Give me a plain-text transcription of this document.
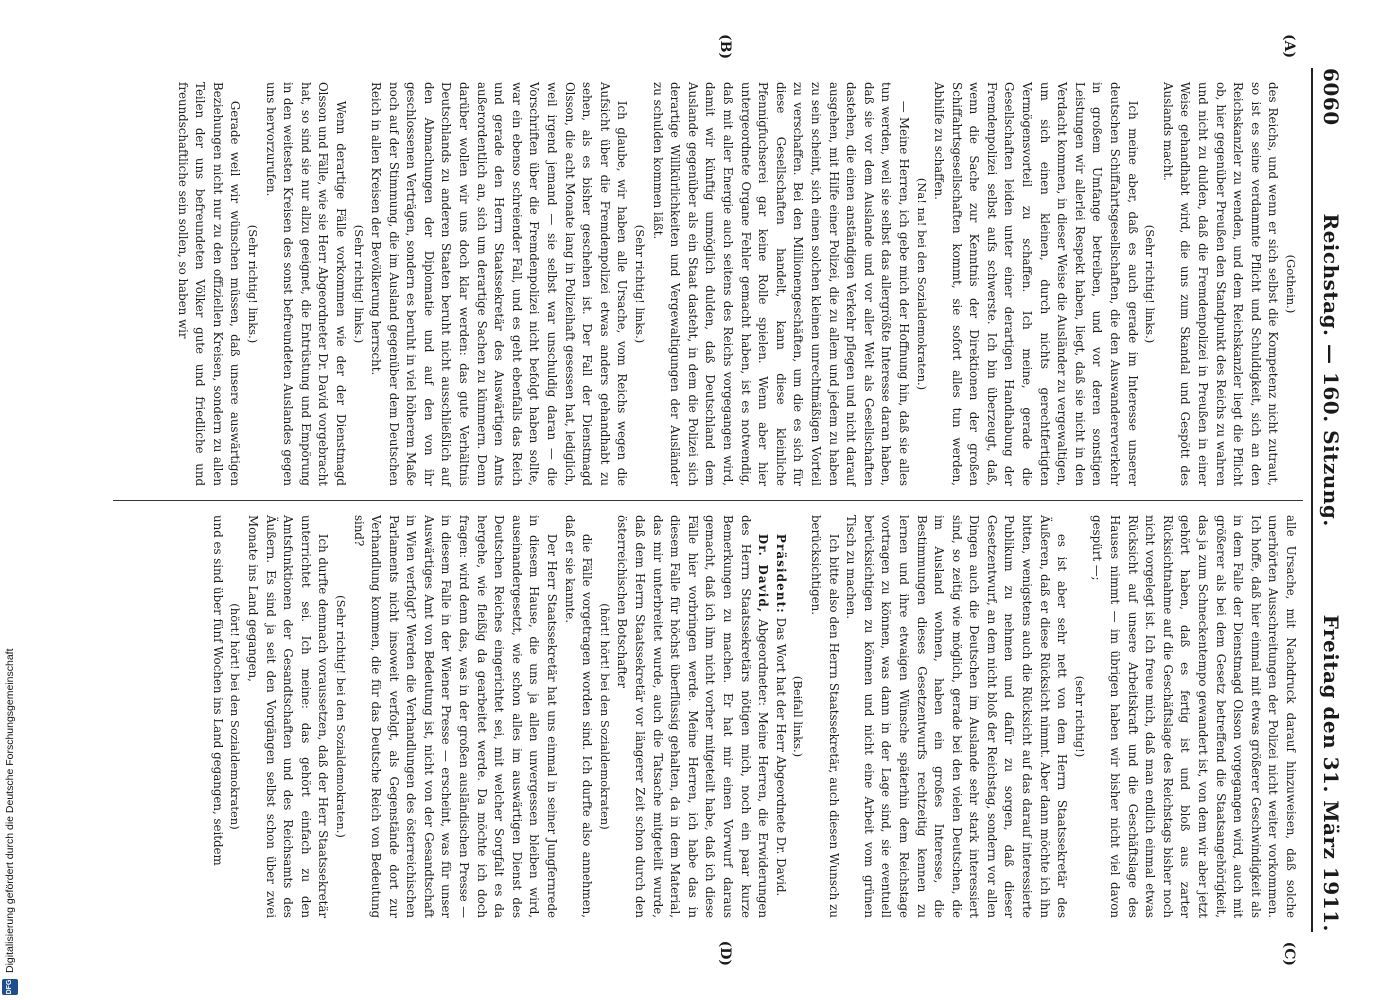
6060
Reichstag. — 160. Sitzung.
Freitag den 31. März 1911.
(A)
(B)
(C)
(D)

(Gothein.)

des Reichs, und wenn er sich selbst die Kompetenz nicht zutraut, so ist es seine verdammte Pflicht und Schuldigkeit, sich an den Reichskanzler zu wenden, und dem Reichskanzler liegt die Pflicht ob, hier gegenüber Preußen den Standpunkt des Reichs zu wahren und nicht zu dulden, daß die Fremdenpolizei in Preußen in einer Weise gehandhabt wird, die uns zum Skandal und Gespött des Auslands macht.

(Sehr richtig! links.)

Ich meine aber, daß es auch gerade im Interesse unserer deutschen Schiffahrtsgesellschaften, die den Auswandererverkehr in großem Umfange betreiben, und vor deren sonstigen Leistungen wir allerlei Respekt haben, liegt, daß sie nicht in den Verdacht kommen, in dieser Weise die Ausländer zu vergewaltigen, um sich einen kleinen, durch nichts gerechtfertigten Vermögensvorteil zu schaffen. Ich meine, gerade die Gesellschaften leiden unter einer derartigen Handhabung der Fremdenpolizei selbst aufs schwerste. Ich bin überzeugt, daß, wenn die Sache zur Kenntnis der Direktionen der großen Schiffahrtsgesellschaften kommt, sie sofort alles tun werden, Abhilfe zu schaffen.

(Na! na! bei den Sozialdemokraten.)

— Meine Herren, ich gebe mich der Hoffnung hin, daß sie alles tun werden, weil sie selbst das allergrößte Interesse daran haben, daß sie vor dem Auslande und vor aller Welt als Gesellschaften dastehen, die einen anständigen Verkehr pflegen und nicht darauf ausgehen, mit Hilfe einer Polizei, die zu allem und jedem zu haben zu sein scheint, sich einen solchen kleinen unrechtmäßigen Vorteil zu verschaffen. Bei den Millionengeschäften, um die es sich für diese Gesellschaften handelt, kann diese kleinliche Pfennigfuchserei gar keine Rolle spielen. Wenn aber hier untergeordnete Organe Fehler gemacht haben, ist es notwendig, daß mit aller Energie auch seitens des Reichs vorgegangen wird, damit wir künftig unmöglich dulden, daß Deutschland dem Auslande gegenüber als ein Staat dasteht, in dem die Polizei sich derartige Willkürlichkeiten und Vergewaltigungen der Ausländer zu schulden kommen läßt.

(Sehr richtig! links.)

Ich glaube, wir haben alle Ursache, vom Reichs wegen die Aufsicht über die Fremdenpolizei etwas anders gehandhabt zu sehen, als es bisher geschehen ist. Der Fall der Dienstmagd Olsson, die acht Monate lang in Polizeihaft gesessen hat, lediglich, weil irgend jemand — sie selbst war unschuldig daran — die Vorschriften über die Fremdenpolizei nicht befolgt haben sollte, war ein ebenso schreiender Fall, und es geht ebenfalls das Reich und gerade den Herrn Staatssekretär des Auswärtigen Amts außerordentlich an, sich um derartige Sachen zu kümmern. Denn darüber wollen wir uns doch klar werden: das gute Verhältnis Deutschlands zu anderen Staaten beruht nicht ausschließlich auf den Abmachungen der Diplomatie und auf den von ihr geschlossenen Verträgen, sondern es beruht in viel höherem Maße noch auf der Stimmung, die im Ausland gegenüber dem Deutschen Reich in allen Kreisen der Bevölkerung herrscht.

(Sehr richtig! links.)

Wenn derartige Fälle vorkommen wie der der Dienstmagd Olsson und Fälle, wie sie Herr Abgeordneter Dr. David vorgebracht hat, so sind sie nur allzu geeignet, die Entrüstung und Empörung in den weitesten Kreisen des sonst befreundeten Auslandes gegen uns hervorzurufen.

(Sehr richtig! links.)

Gerade weil wir wünschen müssen, daß unsere auswärtigen Beziehungen nicht nur zu den offiziellen Kreisen, sondern zu allen Teilen der uns befreundeten Völker gute und friedliche und freundschaftliche sein sollen, so haben wir

alle Ursache, mit Nachdruck darauf hinzuweisen, daß solche unerhörten Ausschreitungen der Polizei nicht weiter vorkommen. Ich hoffe, daß hier einmal mit etwas größerer Geschwindigkeit als in dem Falle der Dienstmagd Olsson vorgegangen wird, auch mit größerer als bei dem Gesetz betreffend die Staatsangehörigkeit, das ja zum Schneckentempo gewandert ist, von dem wir aber jetzt gehört haben, daß es fertig ist und bloß aus zarter Rücksichtnahme auf die Geschäftslage des Reichstags bisher noch nicht vorgelegt ist. Ich freue mich, daß man endlich einmal etwas Rücksicht auf unsere Arbeitskraft und die Geschäftslage des Hauses nimmt — im übrigen haben wir bisher nicht viel davon gespürt —;

(sehr richtig!)

es ist aber sehr nett von dem Herrn Staatssekretär des Äußeren, daß er diese Rücksicht nimmt. Aber dann möchte ich ihn bitten, wenigstens auch die Rücksicht auf das darauf interessierte Publikum zu nehmen und dafür zu sorgen, daß dieser Gesetzentwurf, an dem nicht bloß der Reichstag, sondern vor allen Dingen auch die Deutschen im Auslande sehr stark interessiert sind, so zeitig wie möglich, gerade bei den vielen Deutschen, die im Ausland wohnen, haben ein großes Interesse, die Bestimmungen dieses Gesetzentwurfs rechtzeitig kennen zu lernen und ihre etwaigen Wünsche späterhin dem Reichstage vortragen zu können, was dann in der Lage sind, sie eventuell berücksichtigen zu können und nicht eine Arbeit vom grünen Tisch zu machen.

Ich bitte also den Herrn Staatssekretär, auch diesen Wunsch zu berücksichtigen.

(Beifall links.)

Präsident: Das Wort hat der Herr Abgeordnete Dr. David.

Dr. David, Abgeordneter: Meine Herren, die Erwiderungen des Herrn Staatssekretärs nötigen mich, noch ein paar kurze Bemerkungen zu machen. Er hat mir einen Vorwurf daraus gemacht, daß ich ihm nicht vorher mitgeteilt habe, daß ich diese Fälle hier vorbringen werde. Meine Herren, ich habe das in diesem Falle für höchst überflüssig gehalten, da in dem Material, das mir unterbreitet wurde, auch die Tatsache mitgeteilt wurde, daß dem Herrn Staatssekretär vor längerer Zeit schon durch den österreichischen Botschafter

(hört! hört! bei den Sozialdemokraten)

die Fälle vorgetragen worden sind. Ich durfte also annehmen, daß er sie kannte.

Der Herr Staatssekretär hat uns einmal in seiner Jungfernrede in diesem Hause, die uns ja allen unvergessen bleiben wird, auseinandergesetzt, wie schon alles im auswärtigen Dienst des Deutschen Reiches eingerichtet sei, mit welcher Sorgfalt es da hergehe, wie fleißig da gearbeitet werde. Da möchte ich doch fragen: wird denn das, was in der großen ausländischen Presse — in diesem Falle in der Wiener Presse — erscheint, was für unser Auswärtiges Amt von Bedeutung ist, nicht von der Gesandtschaft in Wien verfolgt? Werden die Verhandlungen des österreichischen Parlaments nicht insoweit verfolgt, als Gegenstände dort zur Verhandlung kommen, die für das Deutsche Reich von Bedeutung sind?

(Sehr richtig! bei den Sozialdemokraten.)

Ich durfte demnach voraussetzen, daß der Herr Staatssekretär unterrichtet sei. Ich meine: das gehört einfach zu den Amtsfunktionen der Gesandtschaften und des Reichsamts des Äußern. Es sind ja seit den Vorgängen selbst schon über zwei Monate ins Land gegangen,

(hört! hört! bei den Sozialdemokraten)

und es sind über fünf Wochen ins Land gegangen, seitdem

DFG
Digitalisierung gefördert durch die Deutsche Forschungsgemeinschaft
